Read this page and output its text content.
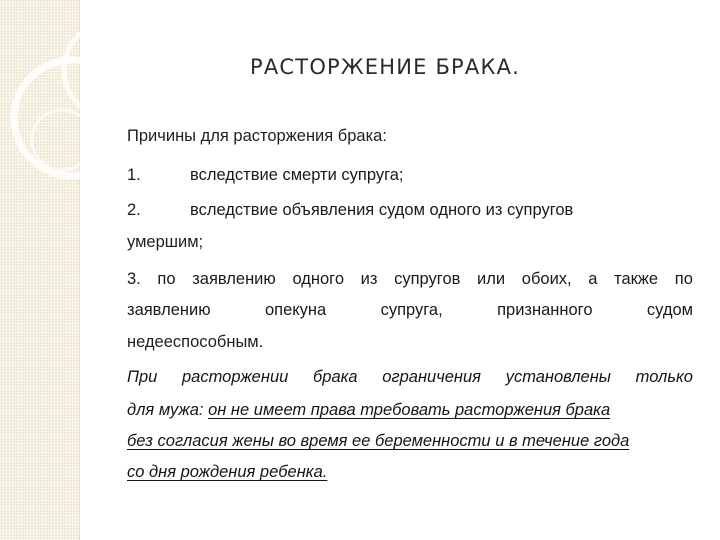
РАСТОРЖЕНИЕ БРАКА.
Причины для расторжения брака:
1.	вследствие смерти супруга;
2.	вследствие объявления судом одного из супругов
умершим;
3. по заявлению одного из супругов или обоих, а также по
заявлению	опекуна	супруга,	признанного	судом
недееспособным.
При расторжении брака ограничения установлены только
для мужа: он не имеет права требовать расторжения брака
без согласия жены во время ее беременности и в течение года
со дня рождения ребенка.
